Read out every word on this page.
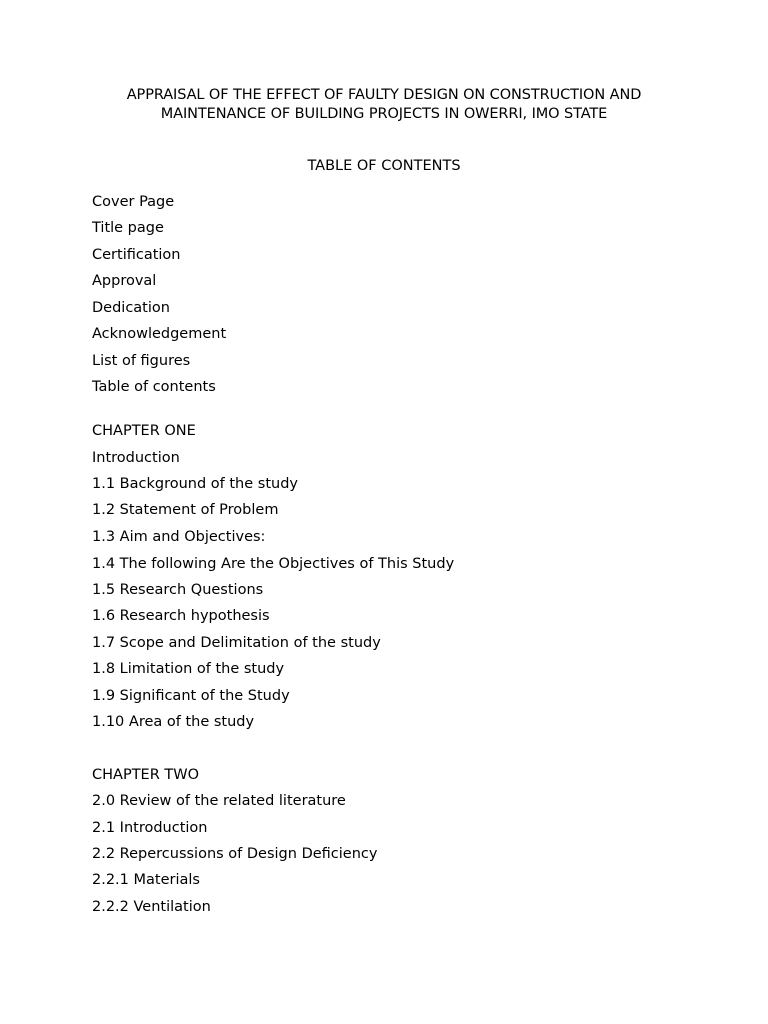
APPRAISAL OF THE EFFECT OF FAULTY DESIGN ON CONSTRUCTION AND
MAINTENANCE OF BUILDING PROJECTS IN OWERRI, IMO STATE
TABLE OF CONTENTS
Cover Page
Title page
Certification
Approval
Dedication
Acknowledgement
List of figures
Table of contents
CHAPTER ONE
Introduction
1.1 Background of the study
1.2 Statement of Problem
1.3 Aim and Objectives:
1.4 The following Are the Objectives of This Study
1.5 Research Questions
1.6 Research hypothesis
1.7 Scope and Delimitation of the study
1.8 Limitation of the study
1.9 Significant of the Study
1.10 Area of the study
CHAPTER TWO
2.0 Review of the related literature
2.1 Introduction
2.2 Repercussions of Design Deficiency
2.2.1 Materials
2.2.2 Ventilation
